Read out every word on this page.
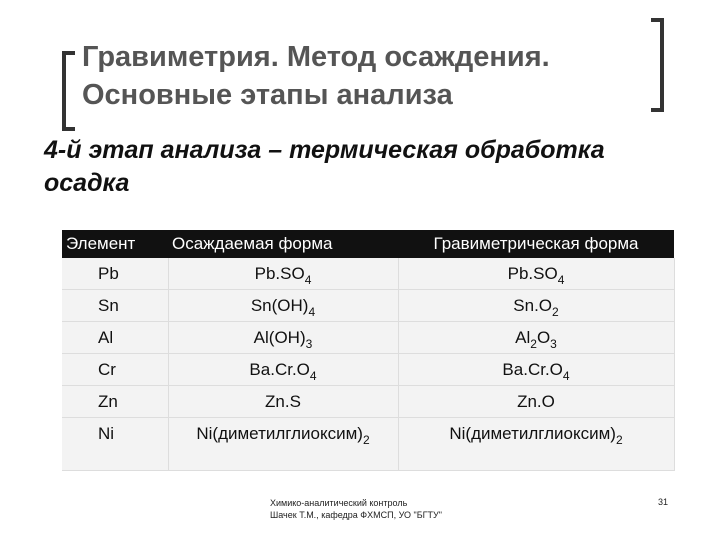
Гравиметрия. Метод осаждения.
Основные этапы анализа
4-й этап анализа – термическая обработка
осадка
Элемент	Осаждаемая форма	Гравиметрическая форма
Pb	$Pb.SO_4$	$Pb.SO_4$
Sn	$Sn(OH)_4$	$Sn.O_2$
Al	$Al(OH)_3$	$Al_2O_3$
Cr	$Ba.Cr.O_4$	$Ba.Cr.O_4$
Zn	Zn.S	Zn.O
Ni	$Ni(диметилглиоксим)_2$	$Ni(диметилглиоксим)_2$
Химико-аналитический контроль
Шачек Т.М., кафедра ФХМСП, УО "БГТУ"
31
